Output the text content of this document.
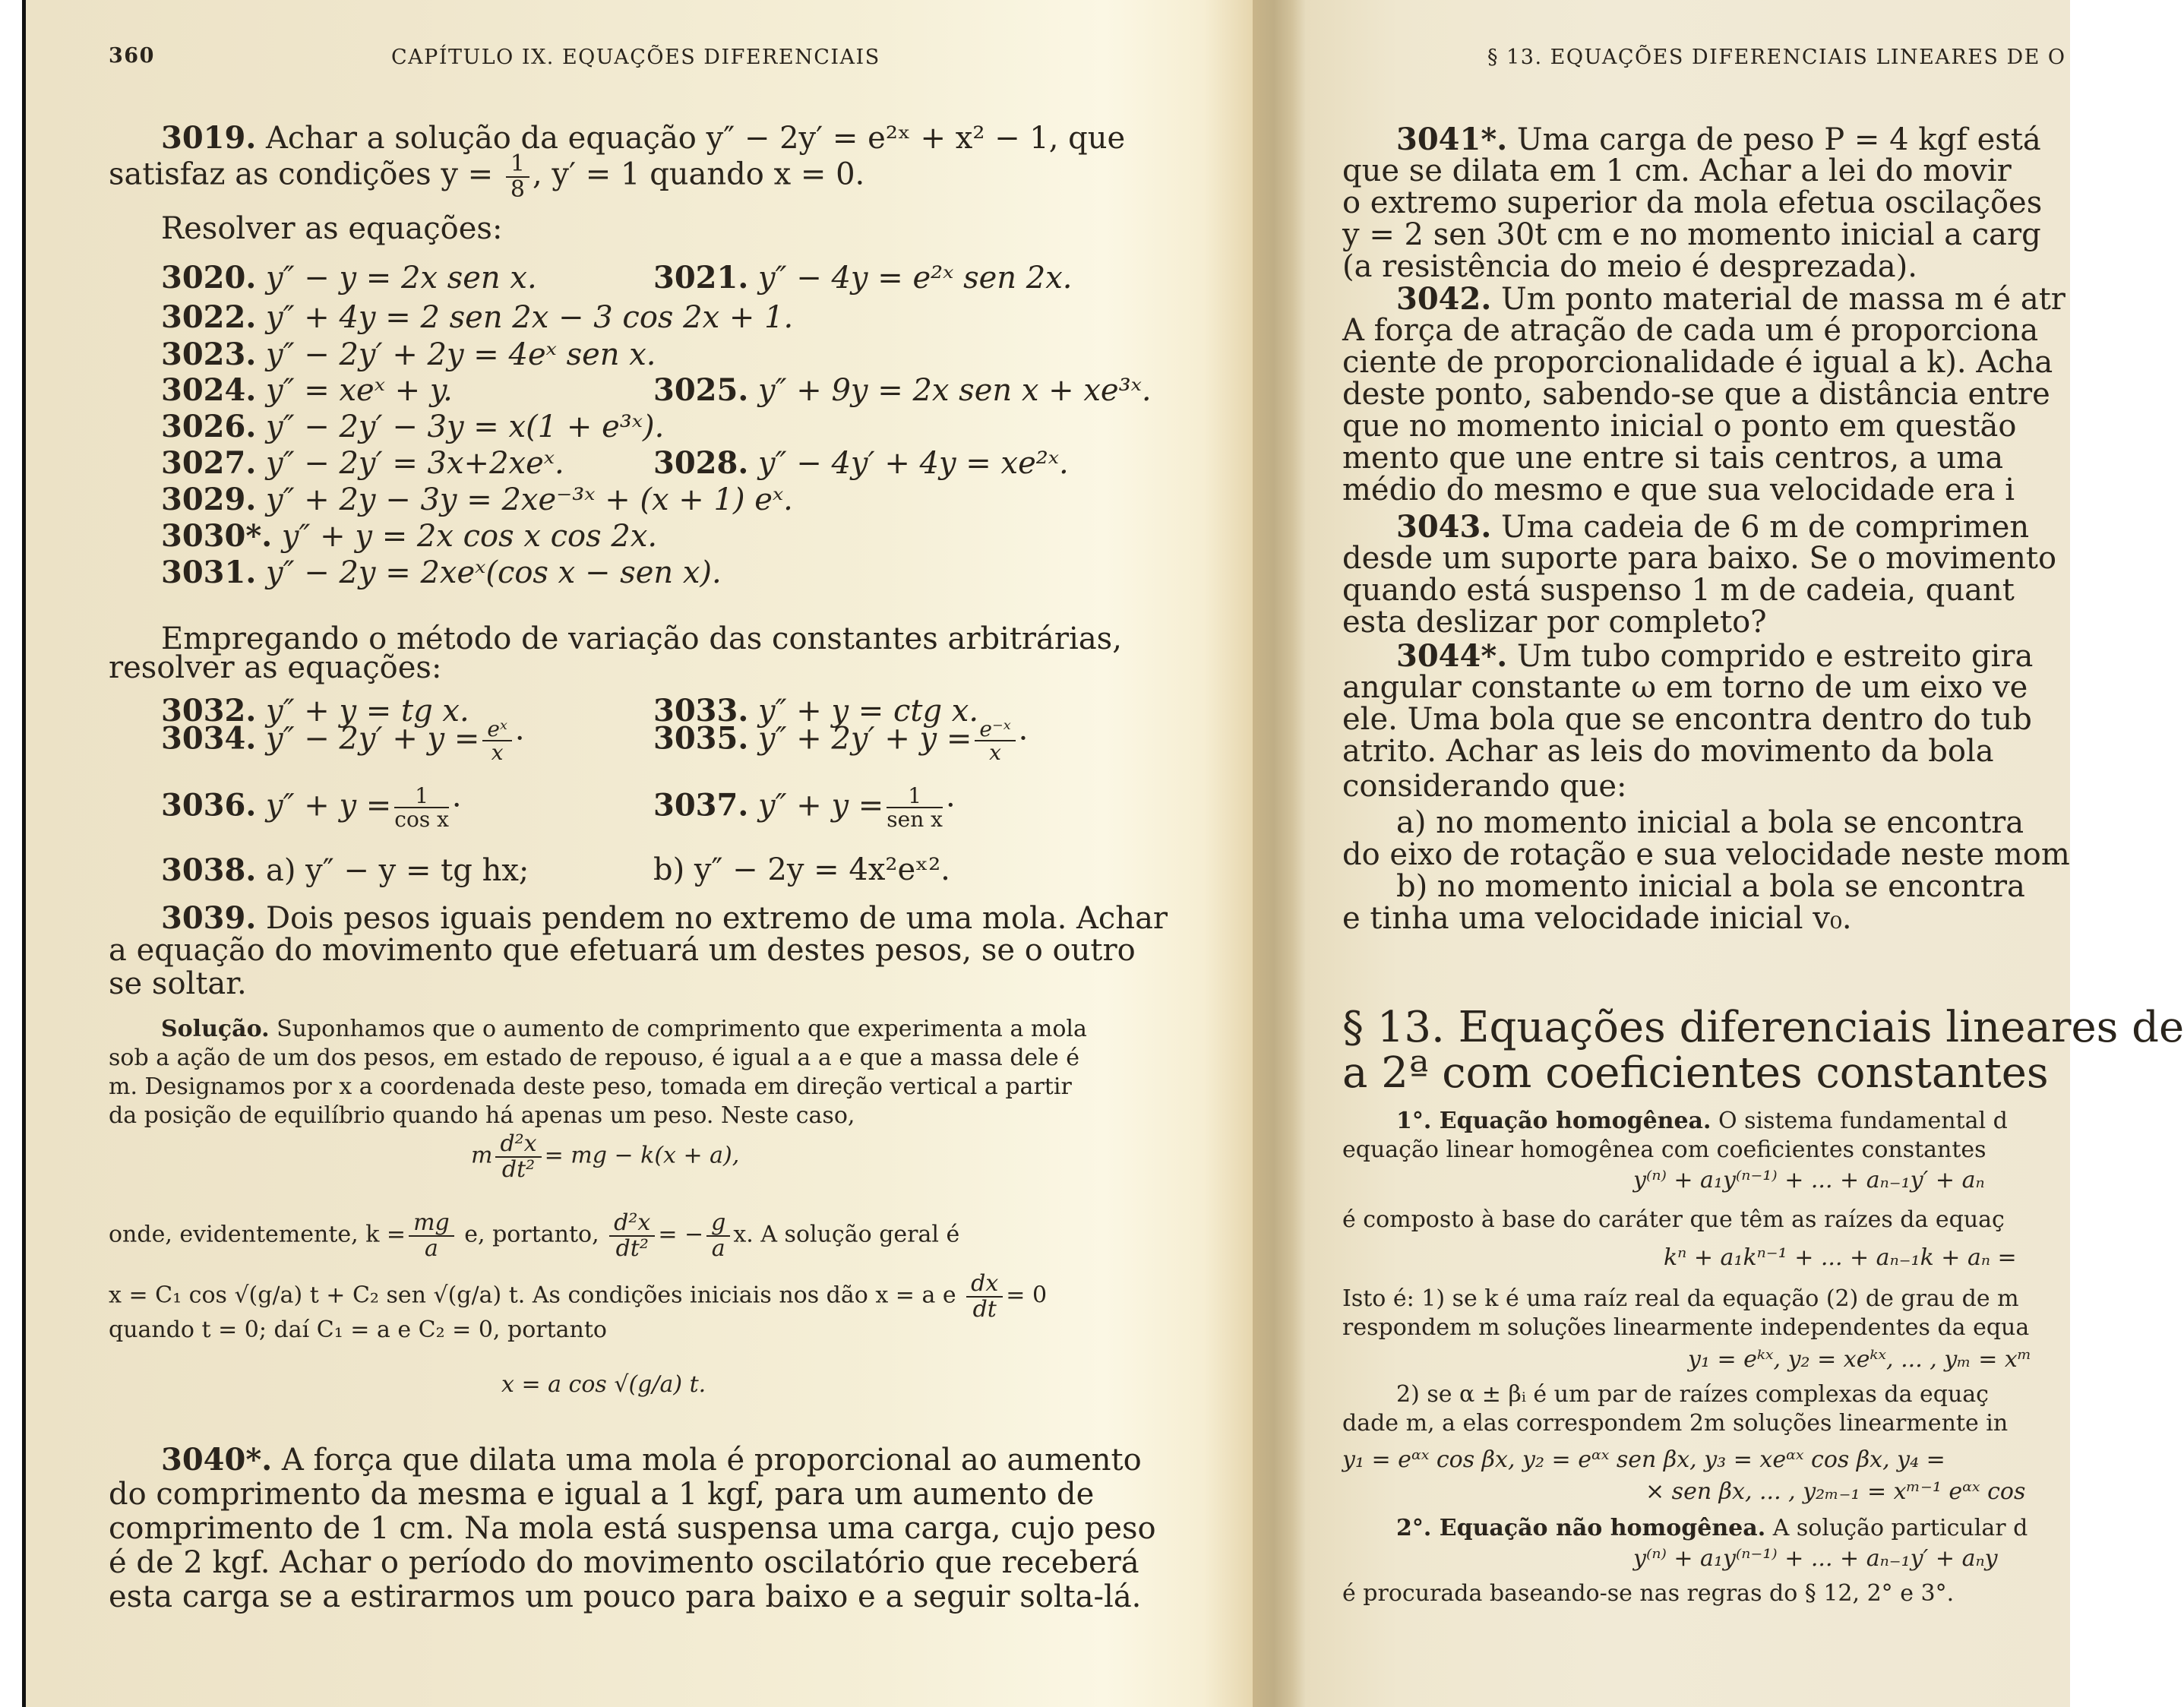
360	CAPÍTULO IX. EQUAÇÕES DIFERENCIAIS
3019. Achar a solução da equação y″ − 2y′ = e²ˣ + x² − 1, que
satisfaz as condições $y = \frac{1}{8}$ , y′ = 1 quando x = 0.
Resolver as equações:
3020. y″ − y = 2x sen x.	3021. y″ − 4y = e²ˣ sen 2x.
3022. y″ + 4y = 2 sen 2x − 3 cos 2x + 1.
3023. y″ − 2y′ + 2y = 4eˣ sen x.
3024. y″ = xeˣ + y.	3025. y″ + 9y = 2x sen x + xe³ˣ.
3026. y″ − 2y′ − 3y = x(1 + e³ˣ).
3027. y″ − 2y′ = 3x+2xeˣ.	3028. y″ − 4y′ + 4y = xe²ˣ.
3029. y″ + 2y − 3y = 2xe⁻³ˣ + (x + 1) eˣ.
3030*. y″ + y = 2x cos x cos 2x.
3031. y″ − 2y = 2xeˣ(cos x − sen x).
Empregando o método de variação das constantes arbitrárias,
resolver as equações:
3032. y″ + y = tg x.	3033. y″ + y = ctg x.
3034. $y'' - 2y' + y = \frac{\text{eˣ}}{x}$ ·	3035. $y'' + 2y' + y = \frac{\text{e⁻ˣ}}{x}$ ·
3036. $y'' + y = \frac{1}{\text{cos x}}$ ·	3037. $y'' + y = \frac{1}{\text{sen x}}$ ·
3038. a) y″ − y = tg hx;	b) y″ − 2y = 4x²eˣ².
3039. Dois pesos iguais pendem no extremo de uma mola. Achar
a equação do movimento que efetuará um destes pesos, se o outro
se soltar.
Solução. Suponhamos que o aumento de comprimento que experimenta a mola
sob a ação de um dos pesos, em estado de repouso, é igual a a e que a massa dele é
m. Designamos por x a coordenada deste peso, tomada em direção vertical a partir
da posição de equilíbrio quando há apenas um peso. Neste caso,
m $\frac{\text{d²x}}{\text{dt²}}$ = mg − k(x + a),
onde, evidentemente, $k = \frac{mg}{a} e$, portanto, $\frac{\text{d²x}}{\text{dt²}}$ = − $\frac{g}{a} x$. A solução geral é
x = C₁ cos √(g/a) t + C₂ sen √(g/a) t. As condições iniciais nos dão x = a e $\frac{dx}{dt} = 0$
quando t = 0; daí C₁ = a e C₂ = 0, portanto
x = a cos √(g/a) t.
3040*. A força que dilata uma mola é proporcional ao aumento
do comprimento da mesma e igual a 1 kgf, para um aumento de
comprimento de 1 cm. Na mola está suspensa uma carga, cujo peso
é de 2 kgf. Achar o período do movimento oscilatório que receberá
esta carga se a estirarmos um pouco para baixo e a seguir solta-lá.
§ 13. EQUAÇÕES DIFERENCIAIS LINEARES DE O
3041*. Uma carga de peso P = 4 kgf está
que se dilata em 1 cm. Achar a lei do movir
o extremo superior da mola efetua oscilações
y = 2 sen 30t cm e no momento inicial a carg
(a resistência do meio é desprezada).
3042. Um ponto material de massa m é atr
A força de atração de cada um é proporciona
ciente de proporcionalidade é igual a k). Acha
deste ponto, sabendo-se que a distância entre
que no momento inicial o ponto em questão
mento que une entre si tais centros, a uma
médio do mesmo e que sua velocidade era i
3043. Uma cadeia de 6 m de comprimen
desde um suporte para baixo. Se o movimento
quando está suspenso 1 m de cadeia, quant
esta deslizar por completo?
3044*. Um tubo comprido e estreito gira
angular constante ω em torno de um eixo ve
ele. Uma bola que se encontra dentro do tub
atrito. Achar as leis do movimento da bola
considerando que:
a) no momento inicial a bola se encontra
do eixo de rotação e sua velocidade neste mom
b) no momento inicial a bola se encontra
e tinha uma velocidade inicial v₀.
§ 13. Equações diferenciais lineares de
a 2ª com coeficientes constantes
1°. Equação homogênea. O sistema fundamental d
equação linear homogênea com coeficientes constantes
y⁽ⁿ⁾ + a₁y⁽ⁿ⁻¹⁾ + ... + aₙ₋₁y′ + aₙ
é composto à base do caráter que têm as raízes da equaç
kⁿ + a₁kⁿ⁻¹ + ... + aₙ₋₁k + aₙ =
Isto é: 1) se k é uma raíz real da equação (2) de grau de m
respondem m soluções linearmente independentes da equa
y₁ = eᵏˣ, y₂ = xeᵏˣ, ... , yₘ = xᵐ
2) se α ± βᵢ é um par de raízes complexas da equaç
dade m, a elas correspondem 2m soluções linearmente in
y₁ = eᵅˣ cos βx, y₂ = eᵅˣ sen βx, y₃ = xeᵅˣ cos βx, y₄ =
× sen βx, ... , y₂ₘ₋₁ = xᵐ⁻¹ eᵅˣ cos
2°. Equação não homogênea. A solução particular d
y⁽ⁿ⁾ + a₁y⁽ⁿ⁻¹⁾ + ... + aₙ₋₁y′ + aₙy
é procurada baseando-se nas regras do § 12, 2° e 3°.
